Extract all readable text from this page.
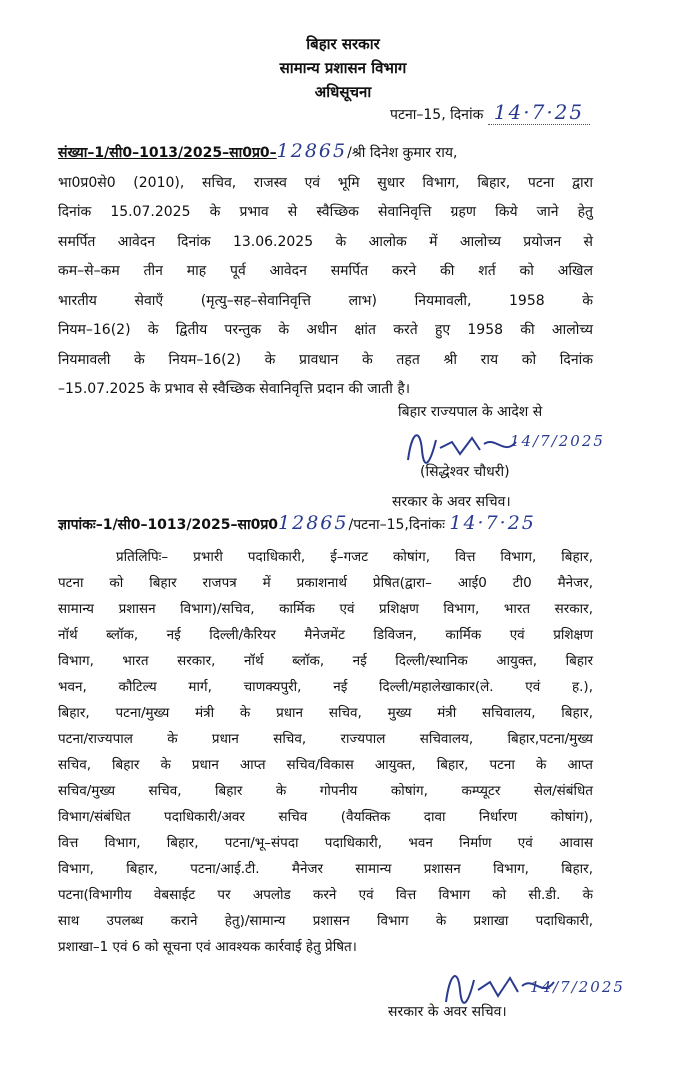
बिहार सरकार
सामान्य प्रशासन विभाग
अधिसूचना
पटना–15, दिनांक 14·7·25
संख्या–1/सी0–1013/2025–सा0प्र0–12865/श्री दिनेश कुमार राय,
भा0प्र0से0 (2010), सचिव, राजस्व एवं भूमि सुधार विभाग, बिहार, पटना द्वारा
दिनांक 15.07.2025 के प्रभाव से स्वैच्छिक सेवानिवृत्ति ग्रहण किये जाने हेतु
समर्पित आवेदन दिनांक 13.06.2025 के आलोक में आलोच्य प्रयोजन से
कम–से–कम तीन माह पूर्व आवेदन समर्पित करने की शर्त को अखिल
भारतीय सेवाएँ (मृत्यु–सह–सेवानिवृत्ति लाभ) नियमावली, 1958 के
नियम–16(2) के द्वितीय परन्तुक के अधीन क्षांत करते हुए 1958 की आलोच्य
नियमावली के नियम–16(2) के प्रावधान के तहत श्री राय को दिनांक
–15.07.2025 के प्रभाव से स्वैच्छिक सेवानिवृत्ति प्रदान की जाती है।
बिहार राज्यपाल के आदेश से
14/7/2025
(सिद्धेश्वर चौधरी)
सरकार के अवर सचिव।
ज्ञापांकः–1/सी0–1013/2025–सा0प्र012865/पटना–15,दिनांकः 14·7·25
प्रतिलिपिः– प्रभारी पदाधिकारी, ई–गजट कोषांग, वित्त विभाग, बिहार,
पटना को बिहार राजपत्र में प्रकाशनार्थ प्रेषित(द्वारा– आई0 टी0 मैनेजर,
सामान्य प्रशासन विभाग)/सचिव, कार्मिक एवं प्रशिक्षण विभाग, भारत सरकार,
नॉर्थ ब्लॉक, नई दिल्ली/कैरियर मैनेजमेंट डिविजन, कार्मिक एवं प्रशिक्षण
विभाग, भारत सरकार, नॉर्थ ब्लॉक, नई दिल्ली/स्थानिक आयुक्त, बिहार
भवन, कौटिल्य मार्ग, चाणक्यपुरी, नई दिल्ली/महालेखाकार(ले. एवं ह.),
बिहार, पटना/मुख्य मंत्री के प्रधान सचिव, मुख्य मंत्री सचिवालय, बिहार,
पटना/राज्यपाल के प्रधान सचिव, राज्यपाल सचिवालय, बिहार,पटना/मुख्य
सचिव, बिहार के प्रधान आप्त सचिव/विकास आयुक्त, बिहार, पटना के आप्त
सचिव/मुख्य सचिव, बिहार के गोपनीय कोषांग, कम्प्यूटर सेल/संबंधित
विभाग/संबंधित पदाधिकारी/अवर सचिव (वैयक्तिक दावा निर्धारण कोषांग),
वित्त विभाग, बिहार, पटना/भू–संपदा पदाधिकारी, भवन निर्माण एवं आवास
विभाग, बिहार, पटना/आई.टी. मैनेजर सामान्य प्रशासन विभाग, बिहार,
पटना(विभागीय वेबसाईट पर अपलोड करने एवं वित्त विभाग को सी.डी. के
साथ उपलब्ध कराने हेतु)/सामान्य प्रशासन विभाग के प्रशाखा पदाधिकारी,
प्रशाखा–1 एवं 6 को सूचना एवं आवश्यक कार्रवाई हेतु प्रेषित।
14/7/2025
सरकार के अवर सचिव।
